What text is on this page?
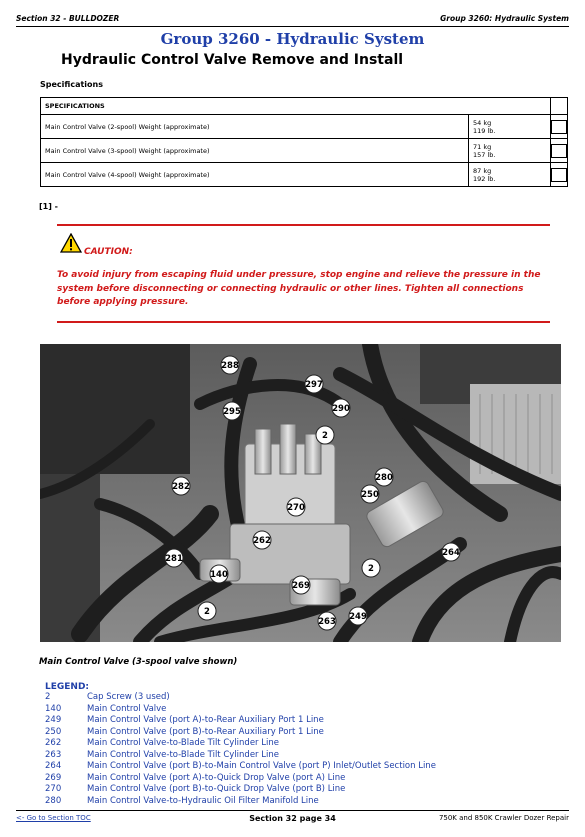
Section 32 - BULLDOZER	Group 3260: Hydraulic System
Group 3260 - Hydraulic System
Hydraulic Control Valve Remove and Install
Specifications
SPECIFICATIONS		
Main Control Valve (2-spool) Weight (approximate)	54 kg
119 lb.	

Main Control Valve (3-spool) Weight (approximate)	71 kg
157 lb.	

Main Control Valve (4-spool) Weight (approximate)	87 kg
192 lb.	

[1] -
CAUTION:
To avoid injury from escaping fluid under pressure, stop engine and relieve the pressure in the system before disconnecting or connecting hydraulic or other lines. Tighten all connections before applying pressure.
288
297
295	290
2
280
250
282
270
262
281
140
2
269
264
2
263 249
Main Control Valve (3-spool valve shown)
LEGEND:
2	Cap Screw (3 used)
140	Main Control Valve
249	Main Control Valve (port A)-to-Rear Auxiliary Port 1 Line
250	Main Control Valve (port B)-to-Rear Auxiliary Port 1 Line
262	Main Control Valve-to-Blade Tilt Cylinder Line
263	Main Control Valve-to-Blade Tilt Cylinder Line
264	Main Control Valve (port B)-to-Main Control Valve (port P) Inlet/Outlet Section Line
269	Main Control Valve (port A)-to-Quick Drop Valve (port A) Line
270	Main Control Valve (port B)-to-Quick Drop Valve (port B) Line
280	Main Control Valve-to-Hydraulic Oil Filter Manifold Line
<- Go to Section TOC	Section 32 page 34	750K and 850K Crawler Dozer Repair
